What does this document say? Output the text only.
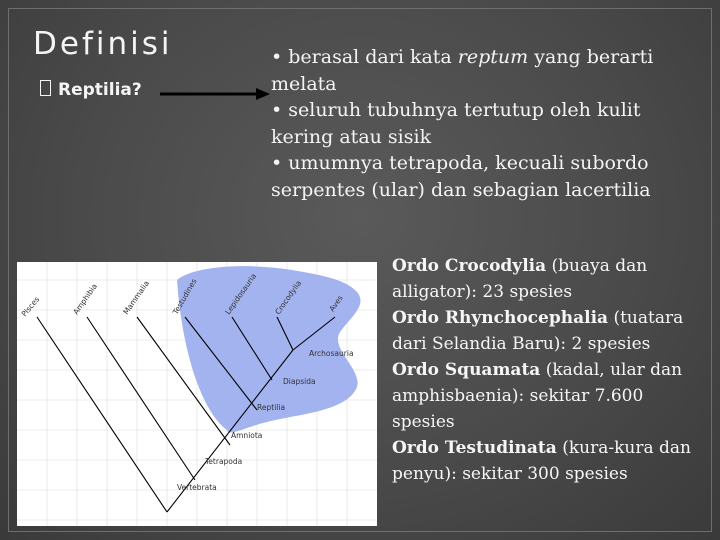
Definisi
Reptilia?
• berasal dari kata reptum yang berarti melata
• seluruh tubuhnya tertutup oleh kulit kering atau sisik
• umumnya tetrapoda, kecuali subordo serpentes (ular) dan sebagian lacertilia
Pisces	Amphibia	Mammalia	Testudines	Lepidosauria Crocodylia	Aves
Archosauria
Diapsida
Reptilia
Amniota
Tetrapoda
Vertebrata
Ordo Crocodylia (buaya dan alligator): 23 spesies
Ordo Rhynchocephalia (tuatara dari Selandia Baru): 2 spesies
Ordo Squamata (kadal, ular dan amphisbaenia): sekitar 7.600 spesies
Ordo Testudinata (kura-kura dan penyu): sekitar 300 spesies
